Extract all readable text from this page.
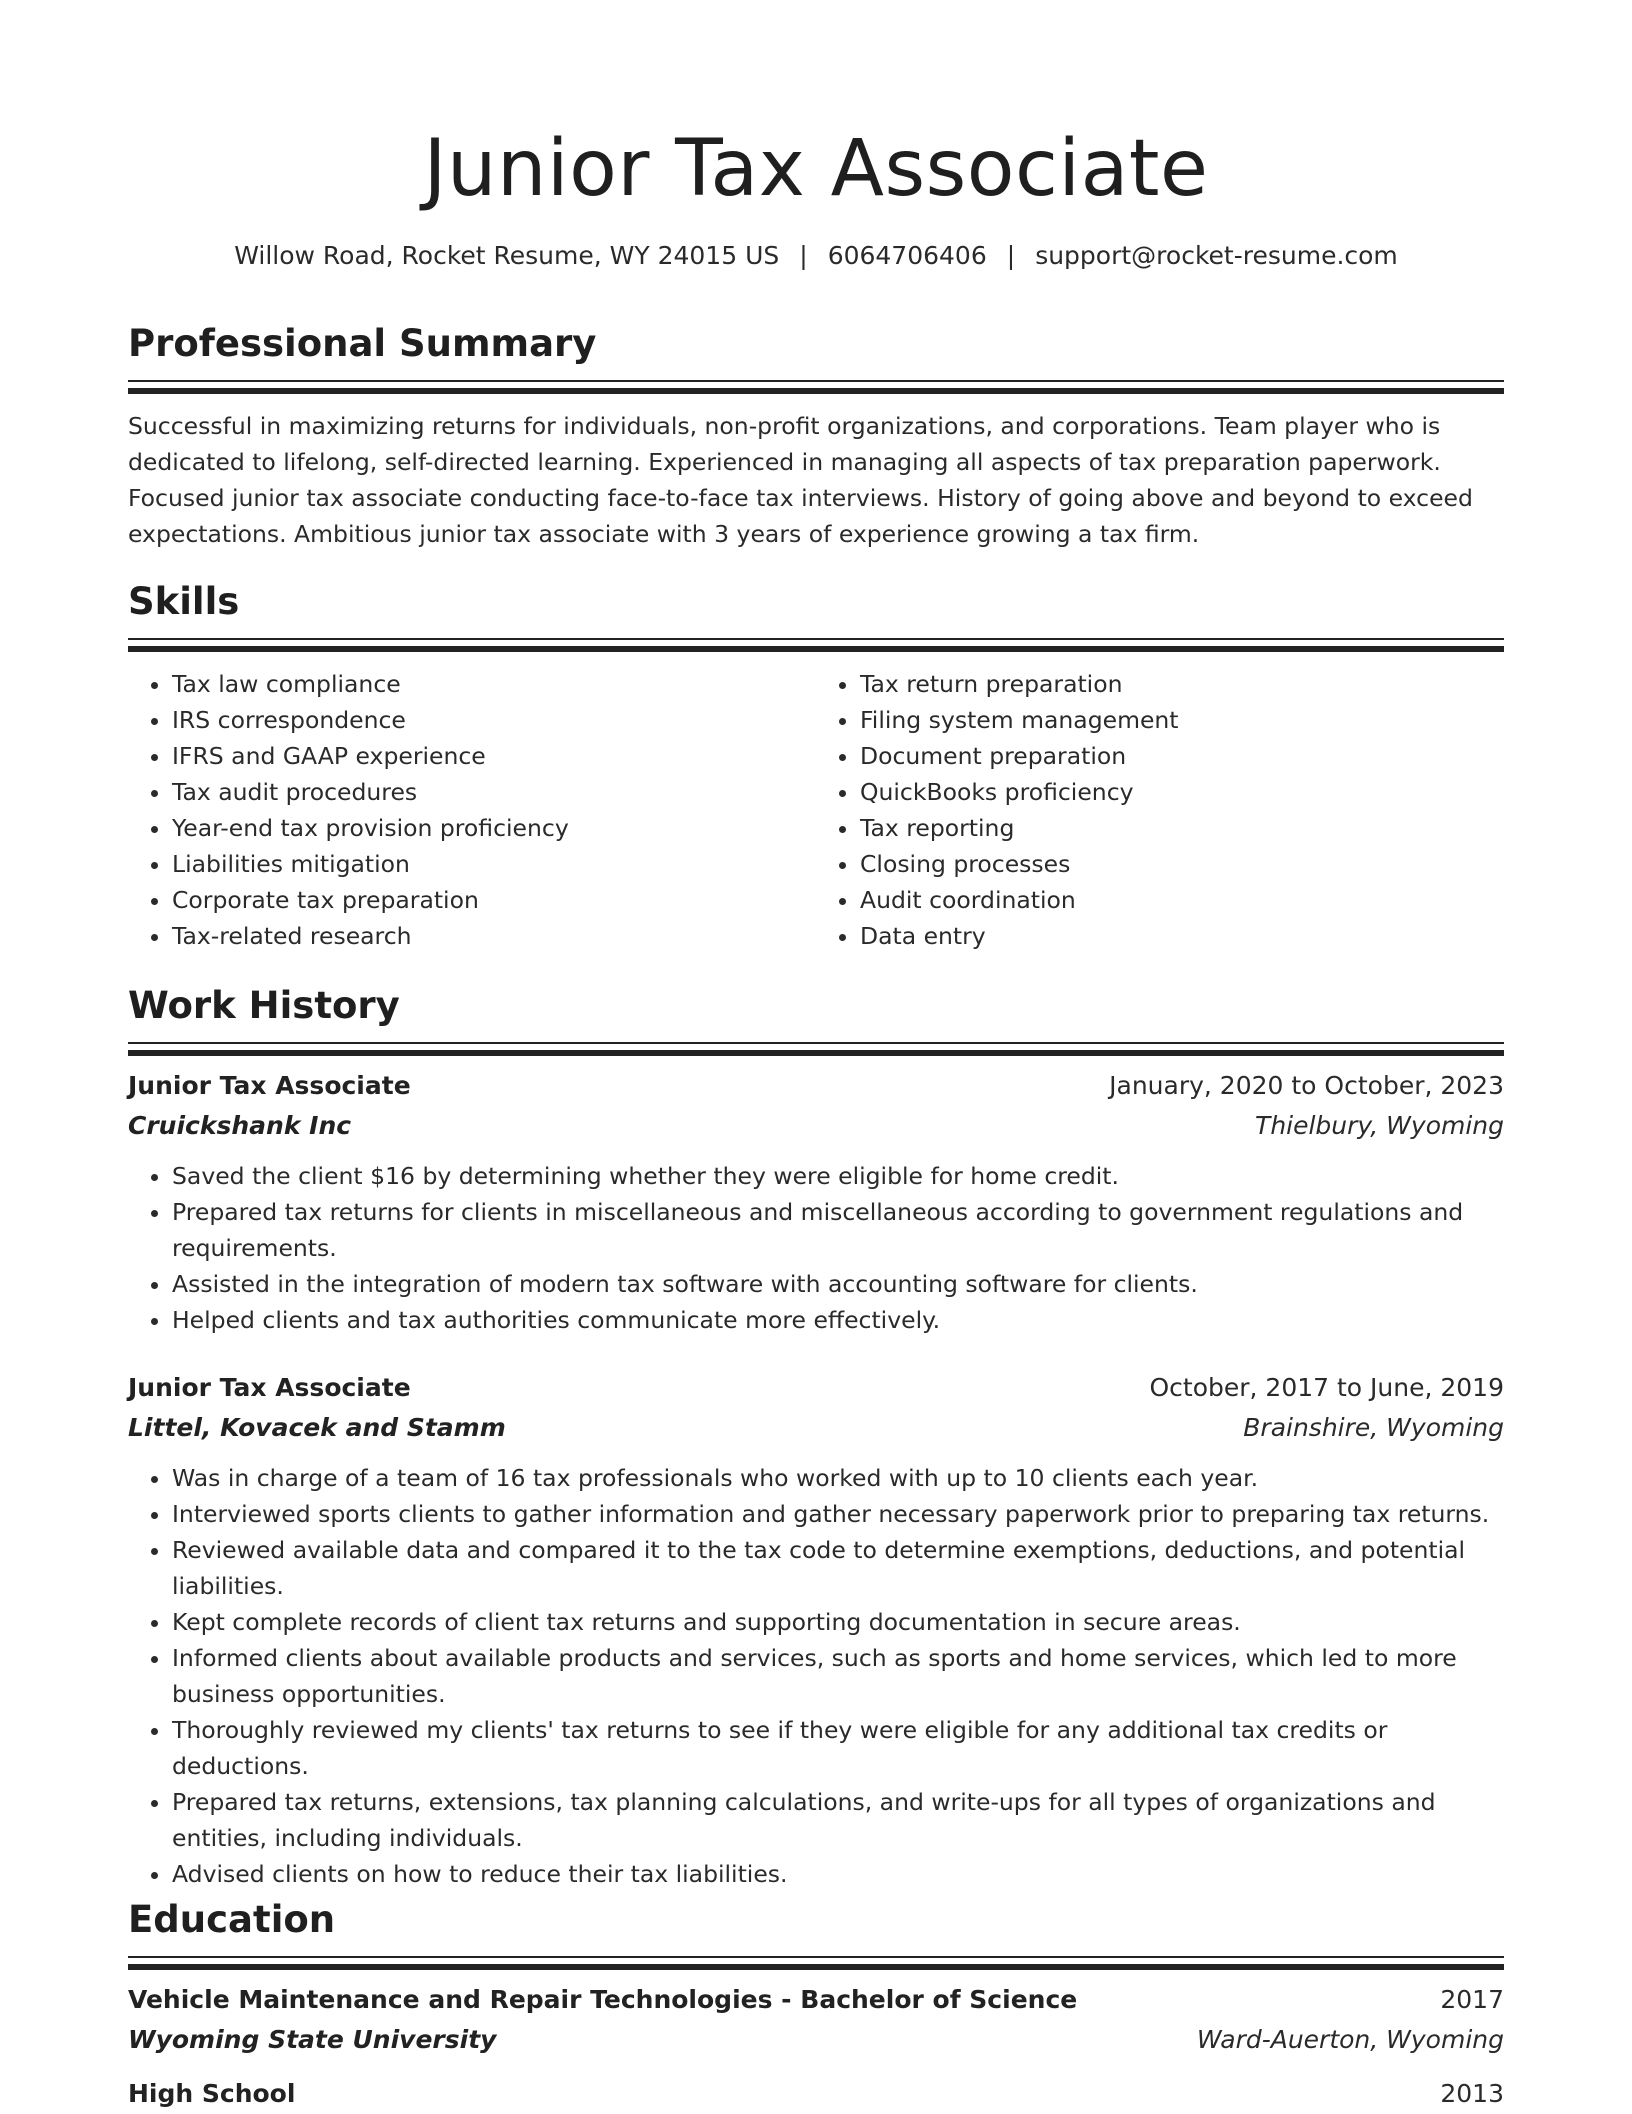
Junior Tax Associate
Willow Road, Rocket Resume, WY 24015 US | 6064706406 | support@rocket-resume.com
Professional Summary

Successful in maximizing returns for individuals, non-profit organizations, and corporations. Team player who is dedicated to lifelong, self-directed learning. Experienced in managing all aspects of tax preparation paperwork. Focused junior tax associate conducting face-to-face tax interviews. History of going above and beyond to exceed expectations. Ambitious junior tax associate with 3 years of experience growing a tax firm.

Skills
• Tax law compliance
• IRS correspondence
• IFRS and GAAP experience
• Tax audit procedures
• Year-end tax provision proficiency
• Liabilities mitigation
• Corporate tax preparation
• Tax-related research
• Tax return preparation
• Filing system management
• Document preparation
• QuickBooks proficiency
• Tax reporting
• Closing processes
• Audit coordination
• Data entry
Work History
Junior Tax Associate	January, 2020 to October, 2023
Cruickshank Inc	Thielbury, Wyoming
• Saved the client $16 by determining whether they were eligible for home credit.
• Prepared tax returns for clients in miscellaneous and miscellaneous according to government regulations and requirements.
• Assisted in the integration of modern tax software with accounting software for clients.
• Helped clients and tax authorities communicate more effectively.
Junior Tax Associate	October, 2017 to June, 2019
Littel, Kovacek and Stamm	Brainshire, Wyoming
• Was in charge of a team of 16 tax professionals who worked with up to 10 clients each year.
• Interviewed sports clients to gather information and gather necessary paperwork prior to preparing tax returns.
• Reviewed available data and compared it to the tax code to determine exemptions, deductions, and potential liabilities.
• Kept complete records of client tax returns and supporting documentation in secure areas.
• Informed clients about available products and services, such as sports and home services, which led to more business opportunities.
• Thoroughly reviewed my clients' tax returns to see if they were eligible for any additional tax credits or deductions.
• Prepared tax returns, extensions, tax planning calculations, and write-ups for all types of organizations and entities, including individuals.
• Advised clients on how to reduce their tax liabilities.
Education
Vehicle Maintenance and Repair Technologies - Bachelor of Science	2017
Wyoming State University	Ward-Auerton, Wyoming
High School	2013
